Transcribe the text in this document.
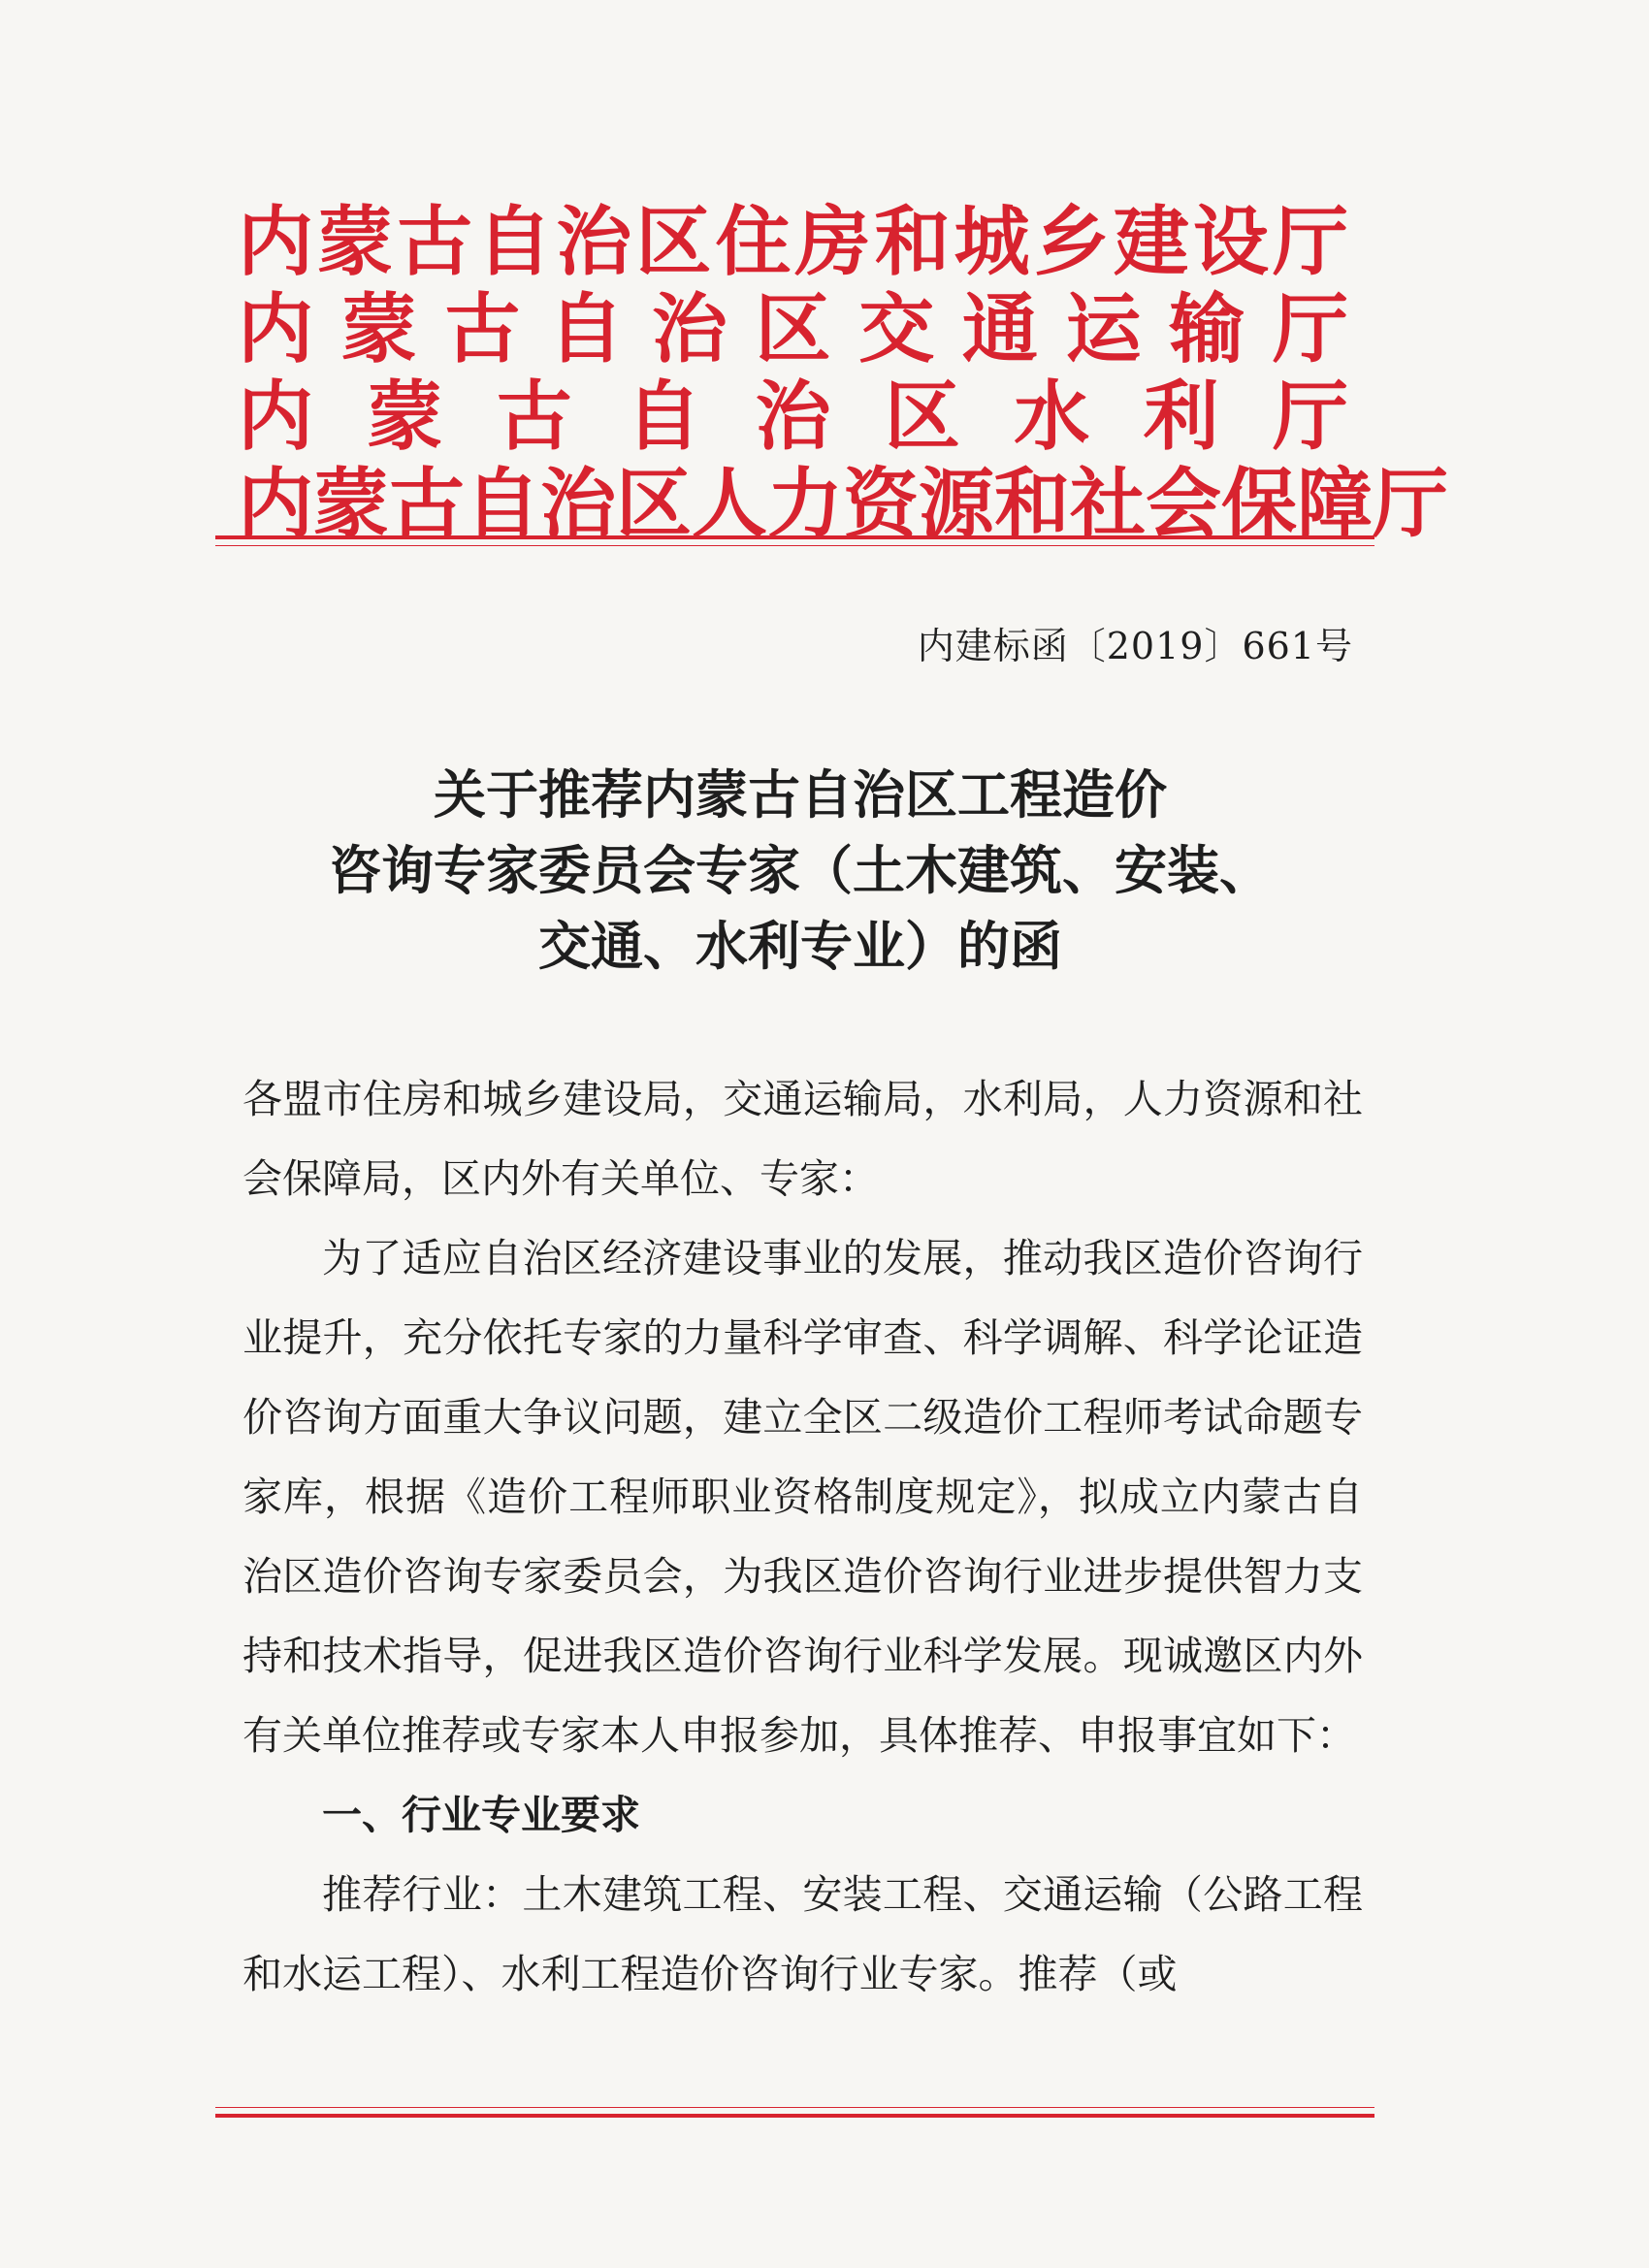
内蒙古自治区住房和城乡建设厅
内蒙古自治区交通运输厅
内蒙古自治区水利厅
内蒙古自治区人力资源和社会保障厅
内建标函〔2019〕661号
关于推荐内蒙古自治区工程造价
咨询专家委员会专家（土木建筑、安装、
交通、水利专业）的函

各盟市住房和城乡建设局，交通运输局，水利局，人力资源和社会保障局，区内外有关单位、专家：

为了适应自治区经济建设事业的发展，推动我区造价咨询行业提升，充分依托专家的力量科学审查、科学调解、科学论证造价咨询方面重大争议问题，建立全区二级造价工程师考试命题专家库，根据《造价工程师职业资格制度规定》，拟成立内蒙古自治区造价咨询专家委员会，为我区造价咨询行业进步提供智力支持和技术指导，促进我区造价咨询行业科学发展。现诚邀区内外有关单位推荐或专家本人申报参加，具体推荐、申报事宜如下：

一、行业专业要求

推荐行业：土木建筑工程、安装工程、交通运输（公路工程和水运工程）、水利工程造价咨询行业专家。推荐（或
